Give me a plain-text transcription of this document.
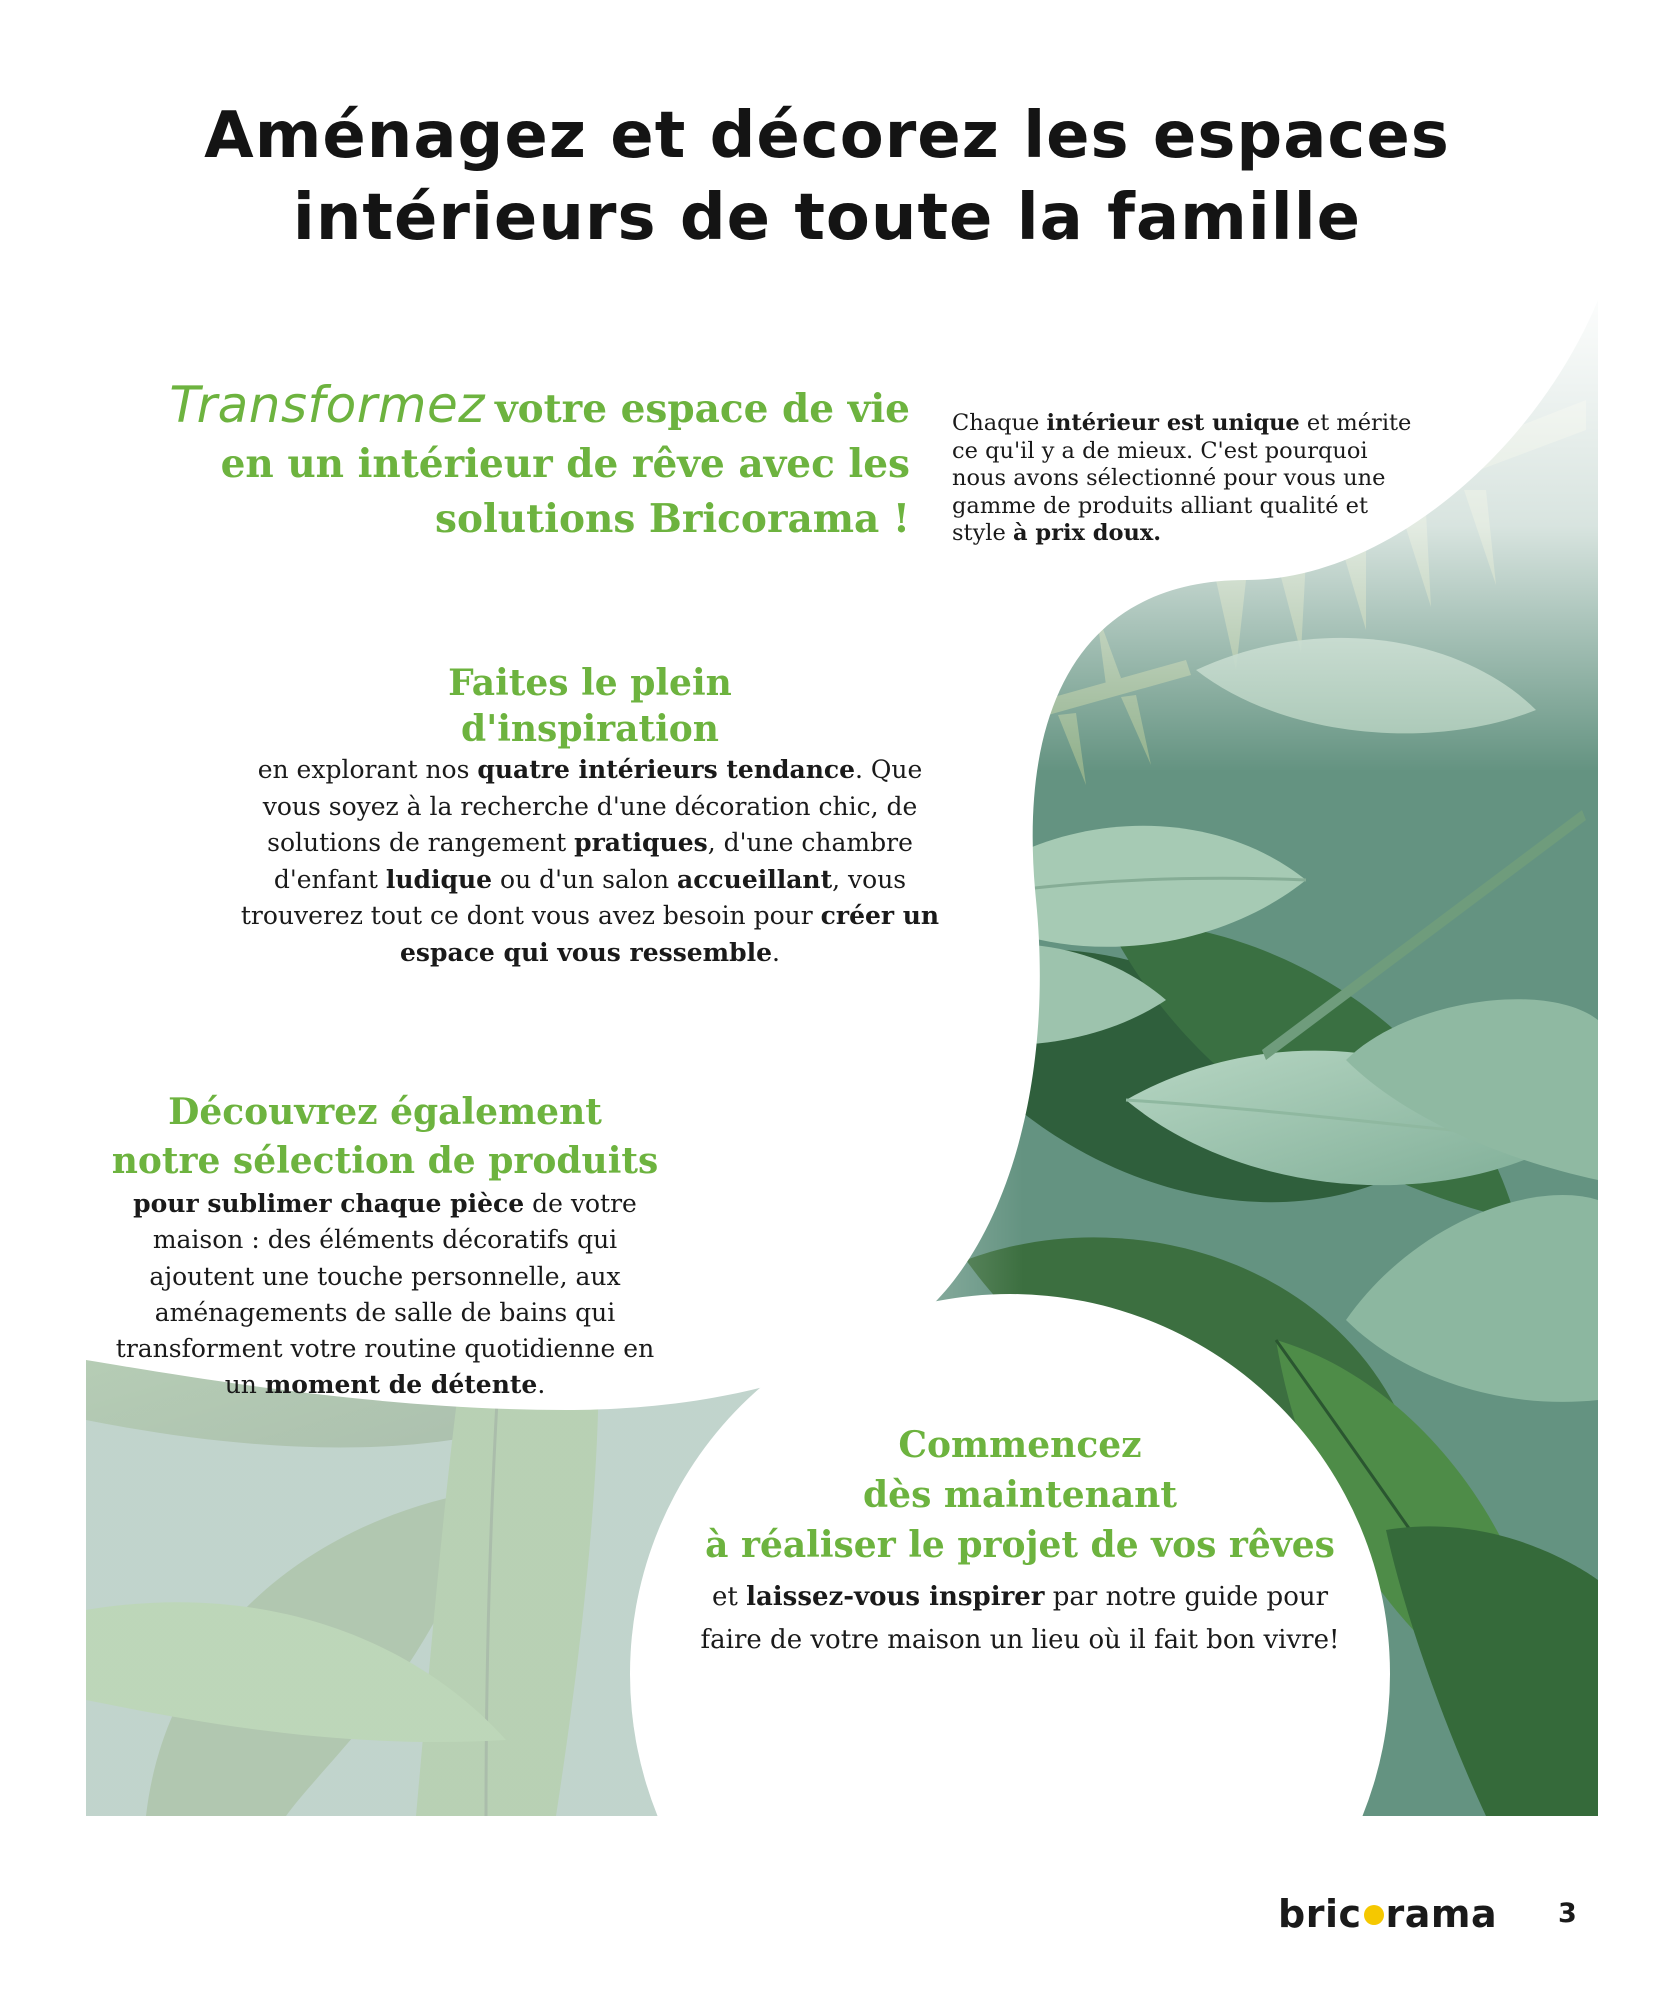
Aménagez et décorez les espaces intérieurs de toute la famille
Transformez votre espace de vie en un intérieur de rêve avec les solutions Bricorama !

Chaque intérieur est unique et mérite ce qu'il y a de mieux. C'est pourquoi nous avons sélectionné pour vous une gamme de produits alliant qualité et style à prix doux.

Faites le plein
d'inspiration

en explorant nos quatre intérieurs tendance. Que vous soyez à la recherche d'une décoration chic, de solutions de rangement pratiques, d'une chambre d'enfant ludique ou d'un salon accueillant, vous trouverez tout ce dont vous avez besoin pour créer un espace qui vous ressemble.

Découvrez également
notre sélection de produits

pour sublimer chaque pièce de votre maison : des éléments décoratifs qui ajoutent une touche personnelle, aux aménagements de salle de bains qui transforment votre routine quotidienne en un moment de détente.

Commencez
dès maintenant
à réaliser le projet de vos rêves

et laissez-vous inspirer par notre guide pour faire de votre maison un lieu où il fait bon vivre!

bric rama 3
